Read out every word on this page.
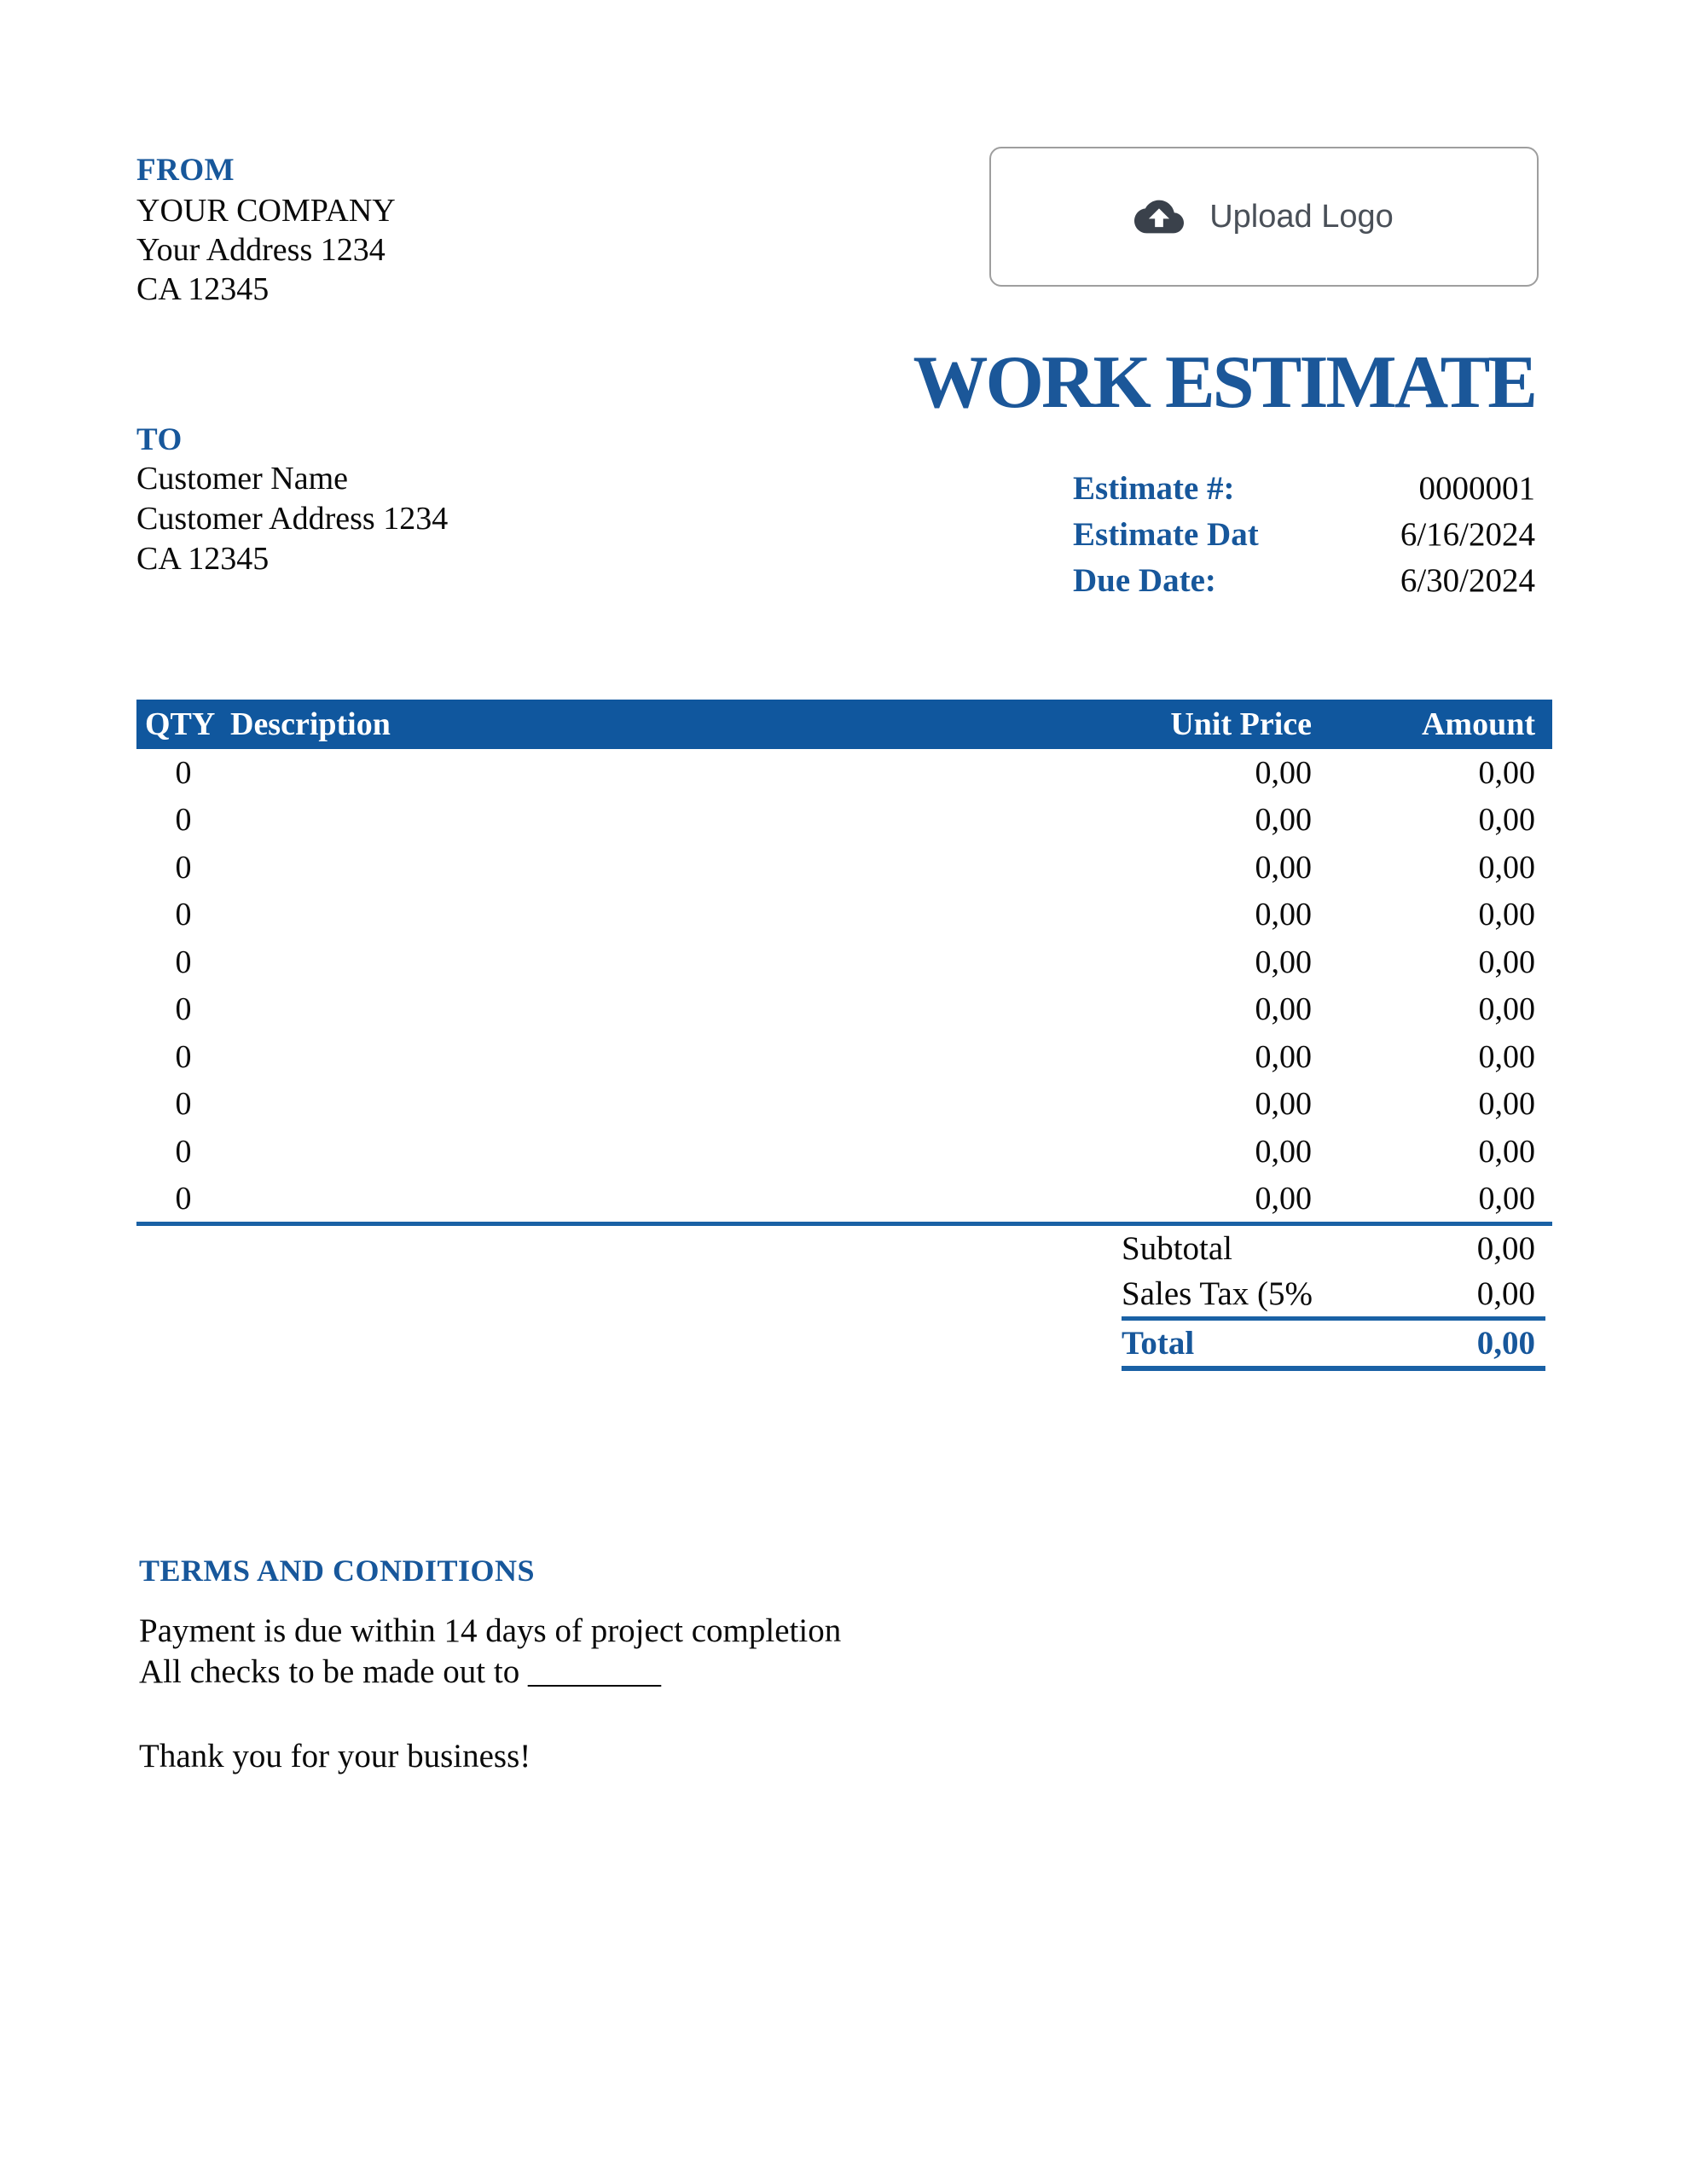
FROM
YOUR COMPANY
Your Address 1234
CA 12345
Upload Logo
WORK ESTIMATE
TO
Customer Name
Customer Address 1234
CA 12345
Estimate #:	0000001
Estimate Dat	6/16/2024
Due Date:	6/30/2024
QTY Description	Unit Price	Amount
0	0,00	0,00
0	0,00	0,00
0	0,00	0,00
0	0,00	0,00
0	0,00	0,00
0	0,00	0,00
0	0,00	0,00
0	0,00	0,00
0	0,00	0,00
0	0,00	0,00
Subtotal	0,00
Sales Tax (5%	0,00
Total	0,00
TERMS AND CONDITIONS
Payment is due within 14 days of project completion
All checks to be made out to ________
Thank you for your business!
